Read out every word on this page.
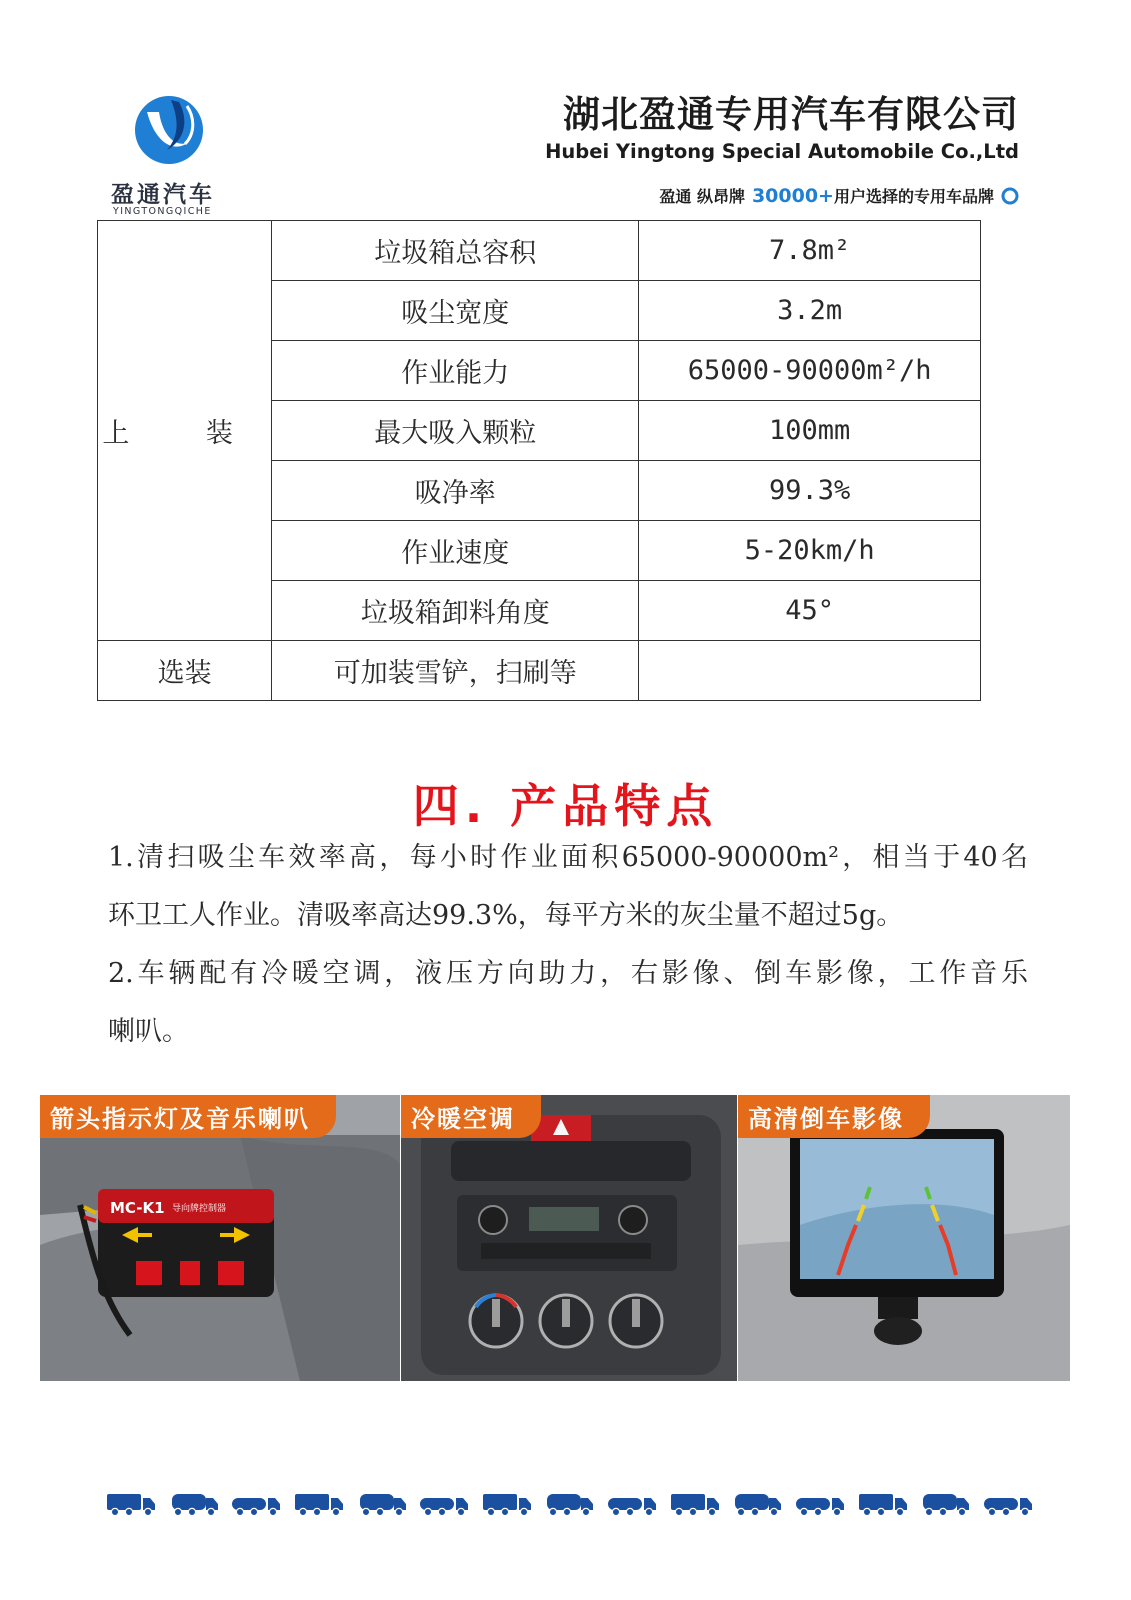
盈通汽车
YINGTONGQICHE
湖北盈通专用汽车有限公司
Hubei Yingtong Special Automobile Co.,Ltd
盈通 纵昂牌 30000+ 用户选择的专用车品牌
上 装	垃圾箱总容积	7.8m²
	吸尘宽度	3.2m
	作业能力	65000-90000m²/h
	最大吸入颗粒	100mm
	吸净率	99.3%
	作业速度	5-20km/h
	垃圾箱卸料角度	45°
选装	可加装雪铲，扫刷等	
四. 产品特点
1.清扫吸尘车效率高，每小时作业面积65000-90000m²，相当于40名
环卫工人作业。清吸率高达99.3%，每平方米的灰尘量不超过5g。
2.车辆配有冷暖空调，液压方向助力，右影像、倒车影像，工作音乐
喇叭。
MC-K1 导向牌控制器
箭头指示灯及音乐喇叭	冷暖空调	高清倒车影像
